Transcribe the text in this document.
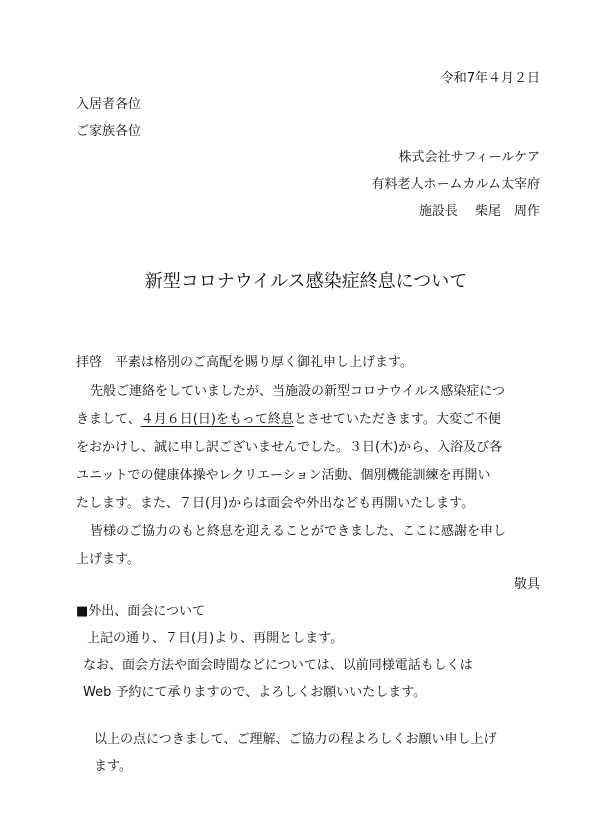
令和7年４月２日
入居者各位
ご家族各位
株式会社サフィールケア
有料老人ホームカルム太宰府
施設長　 柴尾　周作
新型コロナウイルス感染症終息について
拝啓　平素は格別のご高配を賜り厚く御礼申し上げます。
先般ご連絡をしていましたが、当施設の新型コロナウイルス感染症につ
きまして、４月６日(日)をもって終息とさせていただきます。大変ご不便
をおかけし、誠に申し訳ございませんでした。３日(木)から、入浴及び各
ユニットでの健康体操やレクリエーション活動、個別機能訓練を再開い
たします。また、７日(月)からは面会や外出なども再開いたします。
皆様のご協力のもと終息を迎えることができました、ここに感謝を申し
上げます。
敬具
■外出、面会について
上記の通り、７日(月)より、再開とします。
なお、面会方法や面会時間などについては、以前同様電話もしくは
Web 予約にて承りますので、よろしくお願いいたします。
以上の点につきまして、ご理解、ご協力の程よろしくお願い申し上げ
ます。
